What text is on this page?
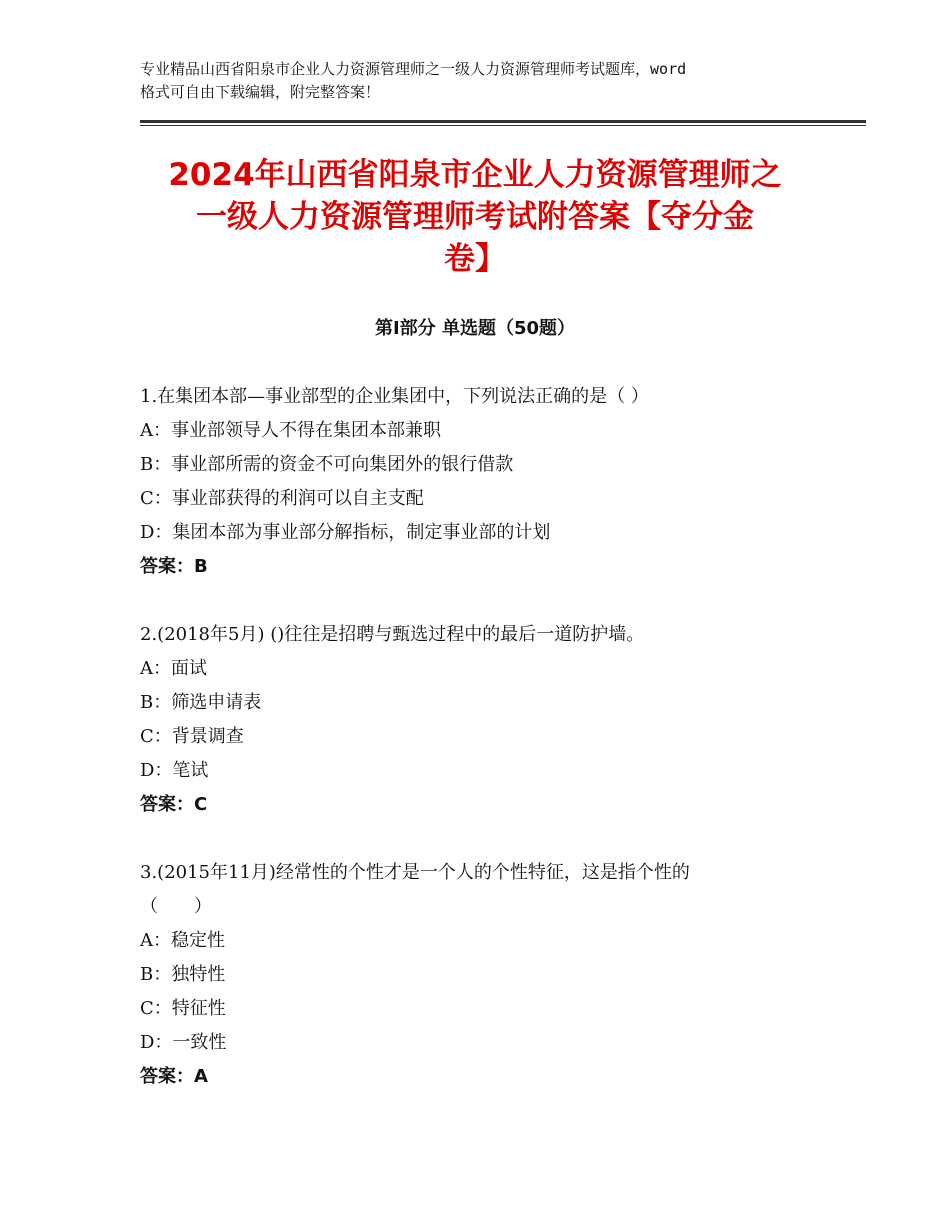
专业精品山西省阳泉市企业人力资源管理师之一级人力资源管理师考试题库，word
格式可自由下载编辑，附完整答案！
2024年山西省阳泉市企业人力资源管理师之
一级人力资源管理师考试附答案【夺分金
卷】
第Ⅰ部分 单选题（50题）
1.在集团本部—事业部型的企业集团中，下列说法正确的是（ ）
A：事业部领导人不得在集团本部兼职
B：事业部所需的资金不可向集团外的银行借款
C：事业部获得的利润可以自主支配
D：集团本部为事业部分解指标，制定事业部的计划
答案：B
2.(2018年5月) ()往往是招聘与甄选过程中的最后一道防护墙。
A：面试
B：筛选申请表
C：背景调查
D：笔试
答案：C
3.(2015年11月)经常性的个性才是一个人的个性特征，这是指个性的
（　　）
A：稳定性
B：独特性
C：特征性
D：一致性
答案：A
